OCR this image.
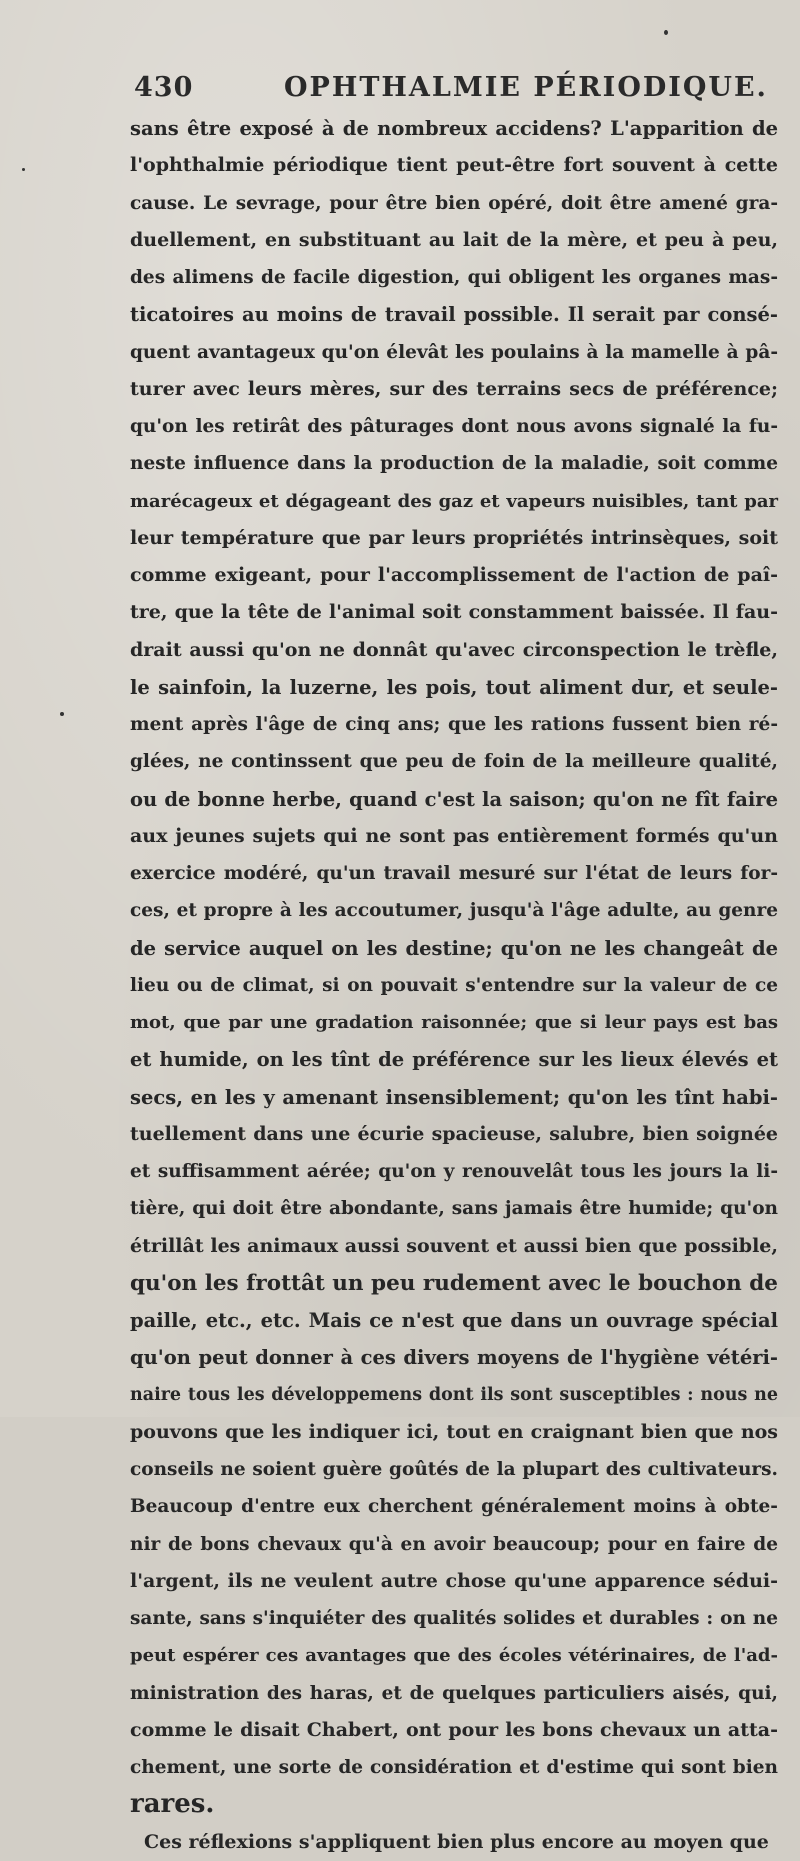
430	OPHTHALMIE PÉRIODIQUE.
sans être exposé à de nombreux accidens? L'apparition de
l'ophthalmie périodique tient peut-être fort souvent à cette
cause. Le sevrage, pour être bien opéré, doit être amené gra-
duellement, en substituant au lait de la mère, et peu à peu,
des alimens de facile digestion, qui obligent les organes mas-
ticatoires au moins de travail possible. Il serait par consé-
quent avantageux qu'on élevât les poulains à la mamelle à pâ-
turer avec leurs mères, sur des terrains secs de préférence;
qu'on les retirât des pâturages dont nous avons signalé la fu-
neste influence dans la production de la maladie, soit comme
marécageux et dégageant des gaz et vapeurs nuisibles, tant par
leur température que par leurs propriétés intrinsèques, soit
comme exigeant, pour l'accomplissement de l'action de paî-
tre, que la tête de l'animal soit constamment baissée. Il fau-
drait aussi qu'on ne donnât qu'avec circonspection le trèfle,
le sainfoin, la luzerne, les pois, tout aliment dur, et seule-
ment après l'âge de cinq ans; que les rations fussent bien ré-
glées, ne continssent que peu de foin de la meilleure qualité,
ou de bonne herbe, quand c'est la saison; qu'on ne fît faire
aux jeunes sujets qui ne sont pas entièrement formés qu'un
exercice modéré, qu'un travail mesuré sur l'état de leurs for-
ces, et propre à les accoutumer, jusqu'à l'âge adulte, au genre
de service auquel on les destine; qu'on ne les changeât de
lieu ou de climat, si on pouvait s'entendre sur la valeur de ce
mot, que par une gradation raisonnée; que si leur pays est bas
et humide, on les tînt de préférence sur les lieux élevés et
secs, en les y amenant insensiblement; qu'on les tînt habi-
tuellement dans une écurie spacieuse, salubre, bien soignée
et suffisamment aérée; qu'on y renouvelât tous les jours la li-
tière, qui doit être abondante, sans jamais être humide; qu'on
étrillât les animaux aussi souvent et aussi bien que possible,
qu'on les frottât un peu rudement avec le bouchon de
paille, etc., etc. Mais ce n'est que dans un ouvrage spécial
qu'on peut donner à ces divers moyens de l'hygiène vétéri-
naire tous les développemens dont ils sont susceptibles : nous ne
pouvons que les indiquer ici, tout en craignant bien que nos
conseils ne soient guère goûtés de la plupart des cultivateurs.
Beaucoup d'entre eux cherchent généralement moins à obte-
nir de bons chevaux qu'à en avoir beaucoup; pour en faire de
l'argent, ils ne veulent autre chose qu'une apparence sédui-
sante, sans s'inquiéter des qualités solides et durables : on ne
peut espérer ces avantages que des écoles vétérinaires, de l'ad-
ministration des haras, et de quelques particuliers aisés, qui,
comme le disait Chabert, ont pour les bons chevaux un atta-
chement, une sorte de considération et d'estime qui sont bien
rares.
Ces réflexions s'appliquent bien plus encore au moyen que
